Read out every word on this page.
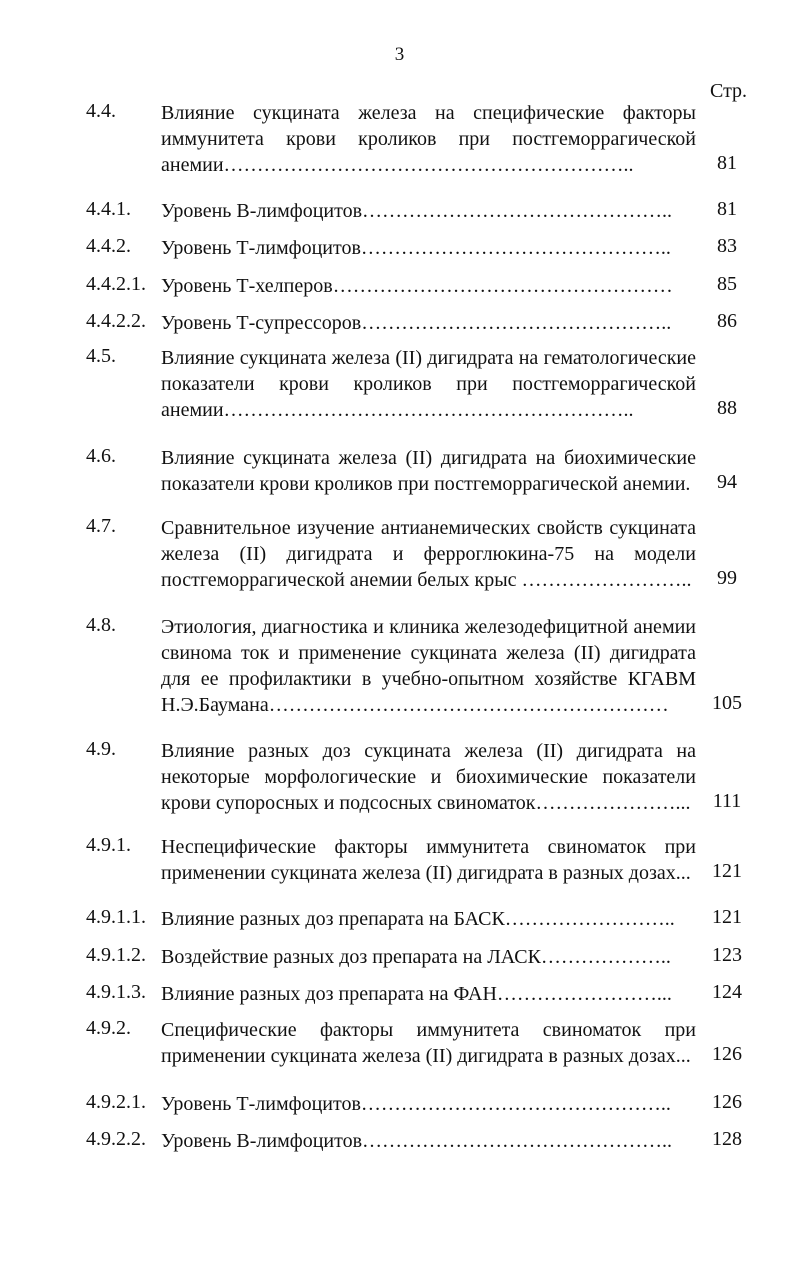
3
Стр.
4.4. Влияние сукцината железа на специфические факторы
иммунитета крови кроликов при постгеморрагической
анемии……………………………………………………..	81
4.4.1. Уровень В-лимфоцитов………………………………………..	81
4.4.2. Уровень Т-лимфоцитов………………………………………..	83
4.4.2.1. Уровень Т-хелперов……………………………………………	85
4.4.2.2. Уровень Т-супрессоров………………………………………..	86
4.5. Влияние сукцината железа (II) дигидрата на гематологические
показатели крови кроликов при постгеморрагической
анемии……………………………………………………..	88
4.6. Влияние сукцината железа (II) дигидрата на биохимические
показатели крови кроликов при постгеморрагической анемии.	94
4.7. Сравнительное изучение антианемических свойств сукцината
железа (II) дигидрата и ферроглюкина-75 на модели
постгеморрагической анемии белых крыс ……………………..	99
4.8. Этиология, диагностика и клиника железодефицитной анемии
свинома ток и применение сукцината железа (II) дигидрата
для ее профилактики в учебно-опытном хозяйстве КГАВМ
Н.Э.Баумана……………………………………………………	105
4.9. Влияние разных доз сукцината железа (II) дигидрата на
некоторые морфологические и биохимические показатели
крови супоросных и подсосных свиноматок…………………... 111
4.9.1. Неспецифические факторы иммунитета свиноматок при
применении сукцината железа (II) дигидрата в разных дозах... 121
4.9.1.1. Влияние разных доз препарата на БАСК……………………..	121
4.9.1.2. Воздействие разных доз препарата на ЛАСК………………..	123
4.9.1.3. Влияние разных доз препарата на ФАН……………………...	124
4.9.2. Специфические факторы иммунитета свиноматок при
применении сукцината железа (II) дигидрата в разных дозах... 126
4.9.2.1. Уровень Т-лимфоцитов………………………………………..	126
4.9.2.2. Уровень В-лимфоцитов………………………………………..	128
